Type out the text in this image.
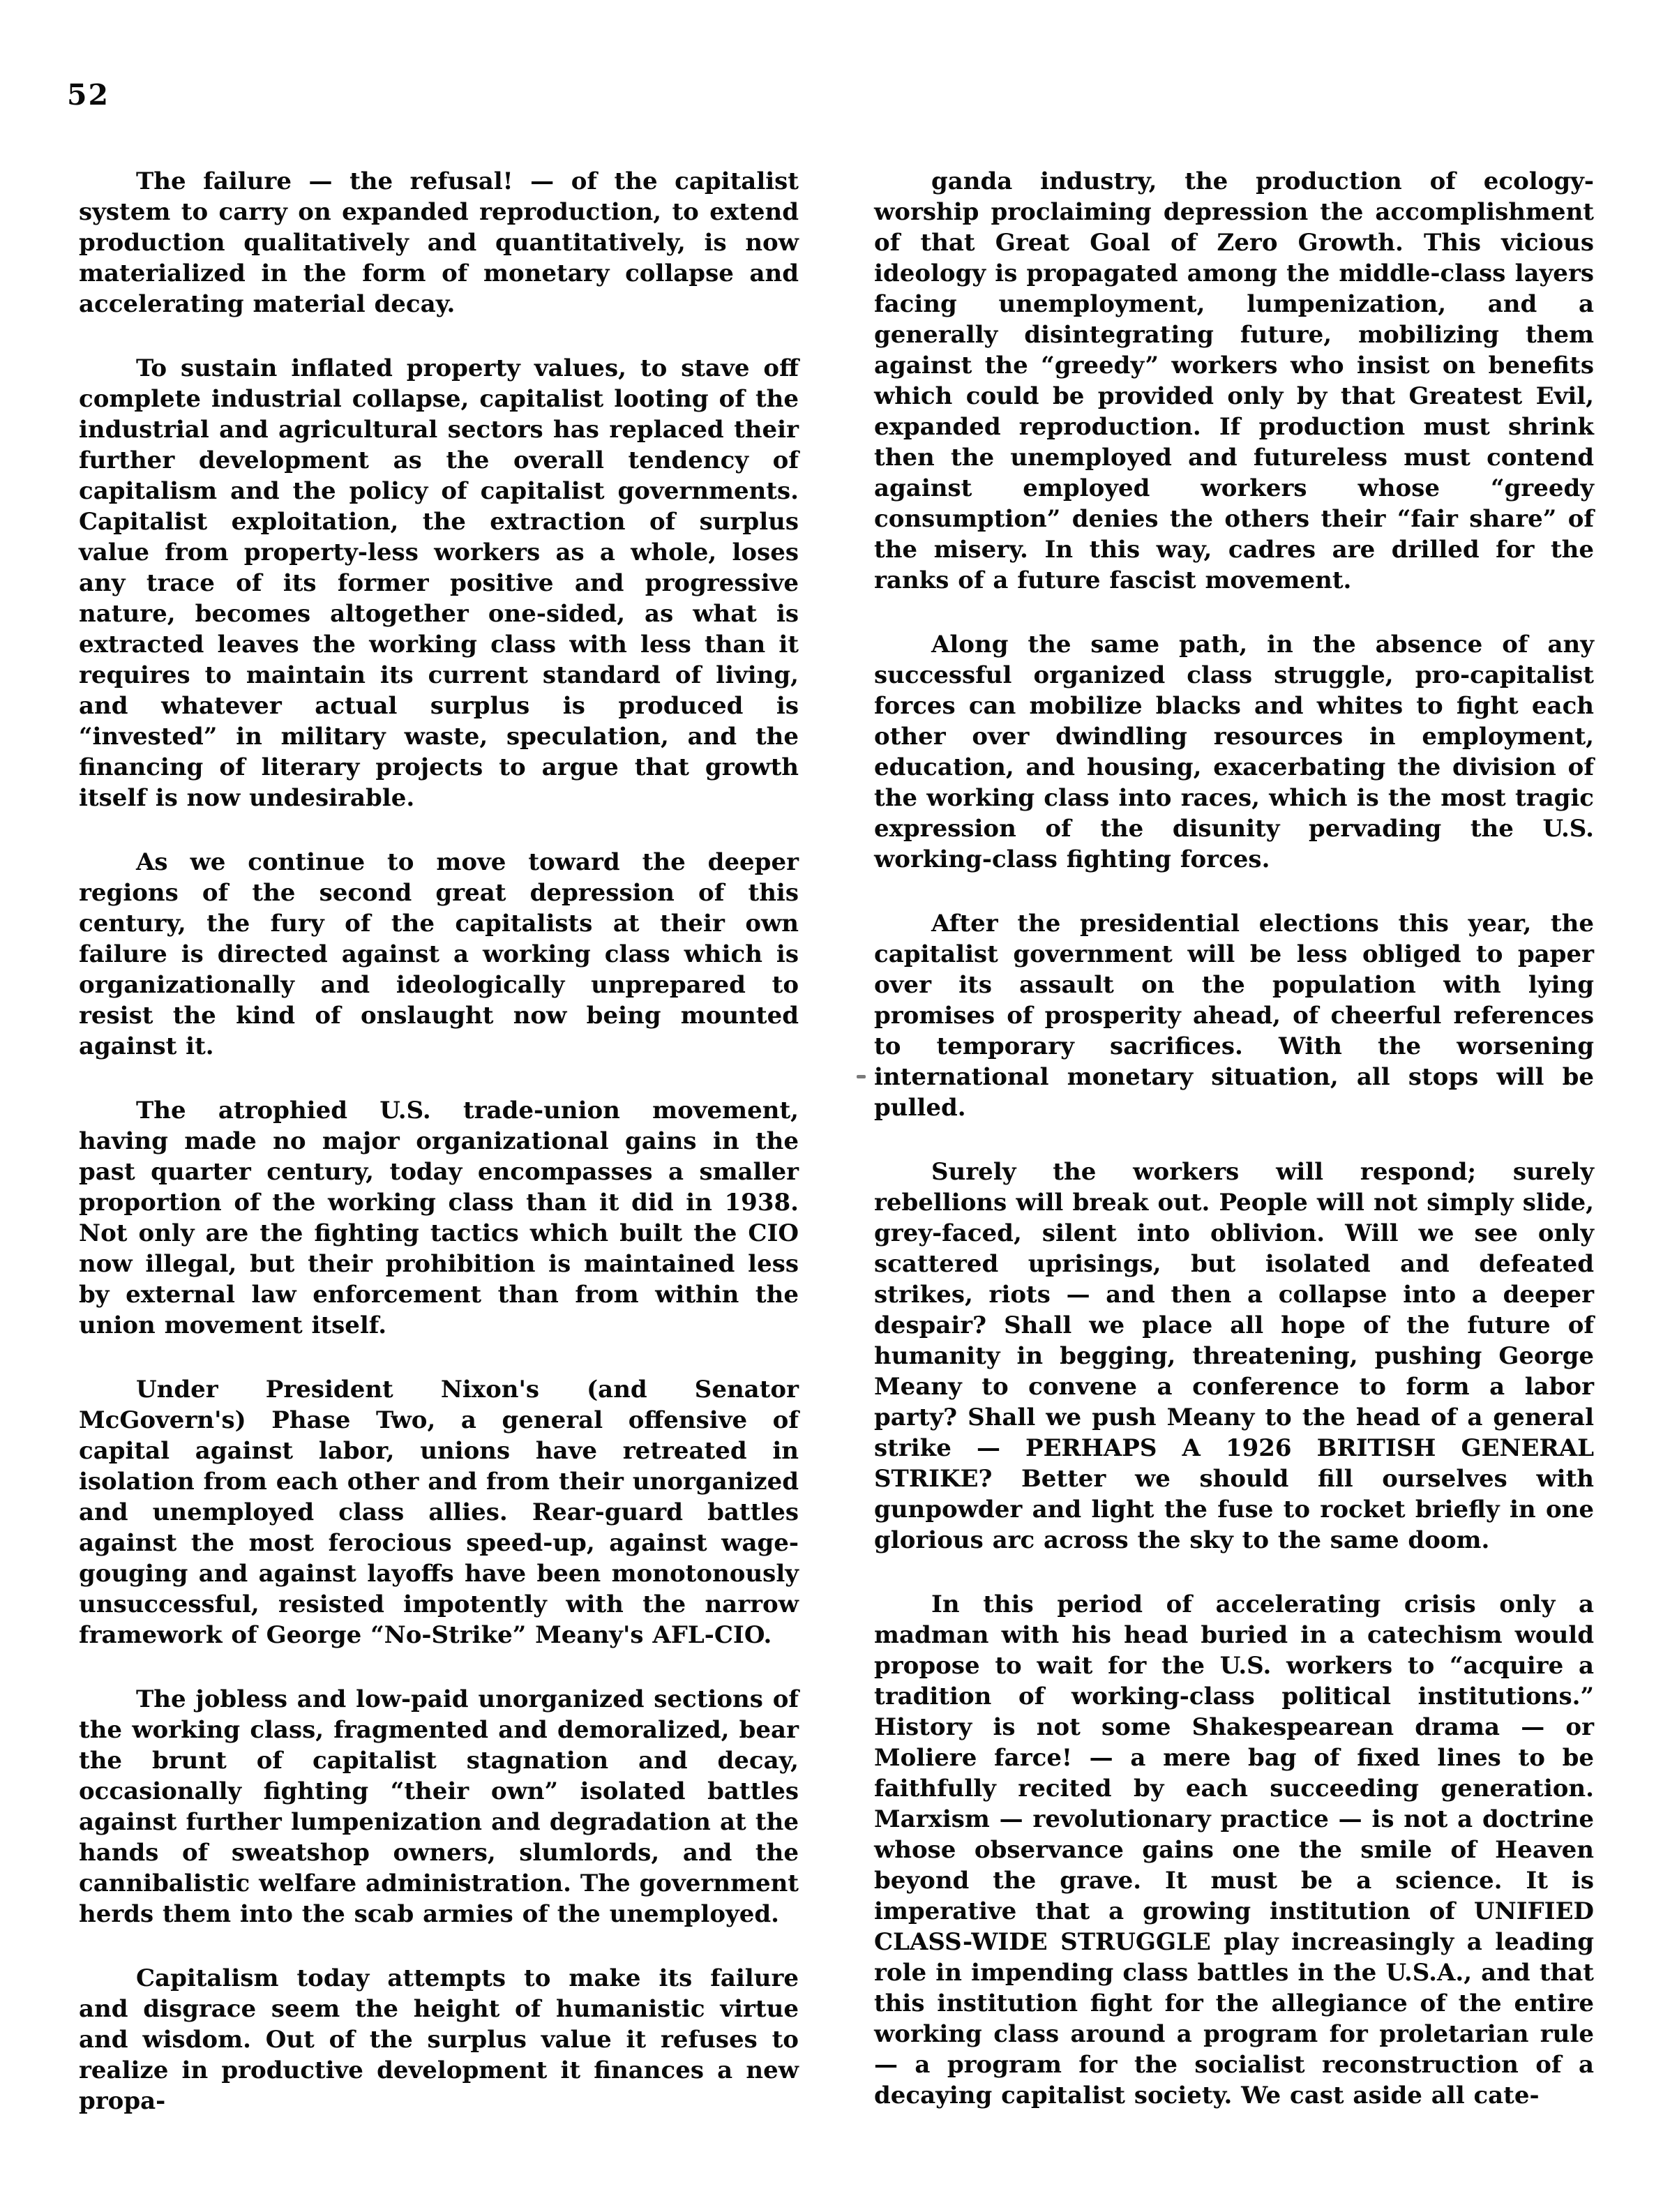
52

The failure — the refusal! — of the capitalist system to carry on expanded reproduction, to extend production qualitatively and quantitatively, is now materialized in the form of monetary collapse and accelerating material decay.

To sustain inflated property values, to stave off complete industrial collapse, capitalist looting of the industrial and agricultural sectors has replaced their further development as the overall tendency of capitalism and the policy of capitalist governments. Capitalist exploitation, the extraction of surplus value from property-less workers as a whole, loses any trace of its former positive and progressive nature, becomes altogether one-sided, as what is extracted leaves the working class with less than it requires to maintain its current standard of living, and whatever actual surplus is produced is “invested” in military waste, speculation, and the financing of literary projects to argue that growth itself is now undesirable.

As we continue to move toward the deeper regions of the second great depression of this century, the fury of the capitalists at their own failure is directed against a working class which is organizationally and ideologically unprepared to resist the kind of onslaught now being mounted against it.

The atrophied U.S. trade-union movement, having made no major organizational gains in the past quarter century, today encompasses a smaller proportion of the working class than it did in 1938. Not only are the fighting tactics which built the CIO now illegal, but their prohibition is maintained less by external law enforcement than from within the union movement itself.

Under President Nixon's (and Senator McGovern's) Phase Two, a general offensive of capital against labor, unions have retreated in isolation from each other and from their unorganized and unemployed class allies. Rear-guard battles against the most ferocious speed-up, against wage-gouging and against layoffs have been monotonously unsuccessful, resisted impotently with the narrow framework of George “No-Strike” Meany's AFL-CIO.

The jobless and low-paid unorganized sections of the working class, fragmented and demoralized, bear the brunt of capitalist stagnation and decay, occasionally fighting “their own” isolated battles against further lumpenization and degradation at the hands of sweatshop owners, slumlords, and the cannibalistic welfare administration. The government herds them into the scab armies of the unemployed.

Capitalism today attempts to make its failure and disgrace seem the height of humanistic virtue and wisdom. Out of the surplus value it refuses to realize in productive development it finances a new propa-

ganda industry, the production of ecology-worship proclaiming depression the accomplishment of that Great Goal of Zero Growth. This vicious ideology is propagated among the middle-class layers facing unemployment, lumpenization, and a generally disintegrating future, mobilizing them against the “greedy” workers who insist on benefits which could be provided only by that Greatest Evil, expanded reproduction. If production must shrink then the unemployed and futureless must contend against employed workers whose “greedy consumption” denies the others their “fair share” of the misery. In this way, cadres are drilled for the ranks of a future fascist movement.

Along the same path, in the absence of any successful organized class struggle, pro-capitalist forces can mobilize blacks and whites to fight each other over dwindling resources in employment, education, and housing, exacerbating the division of the working class into races, which is the most tragic expression of the disunity pervading the U.S. working-class fighting forces.

After the presidential elections this year, the capitalist government will be less obliged to paper over its assault on the population with lying promises of prosperity ahead, of cheerful references to temporary sacrifices. With the worsening international monetary situation, all stops will be pulled.

Surely the workers will respond; surely rebellions will break out. People will not simply slide, grey-faced, silent into oblivion. Will we see only scattered uprisings, but isolated and defeated strikes, riots — and then a collapse into a deeper despair? Shall we place all hope of the future of humanity in begging, threatening, pushing George Meany to convene a conference to form a labor party? Shall we push Meany to the head of a general strike — PERHAPS A 1926 BRITISH GENERAL STRIKE? Better we should fill ourselves with gunpowder and light the fuse to rocket briefly in one glorious arc across the sky to the same doom.

In this period of accelerating crisis only a madman with his head buried in a catechism would propose to wait for the U.S. workers to “acquire a tradition of working-class political institutions.” History is not some Shakespearean drama — or Moliere farce! — a mere bag of fixed lines to be faithfully recited by each succeeding generation. Marxism — revolutionary practice — is not a doctrine whose observance gains one the smile of Heaven beyond the grave. It must be a science. It is imperative that a growing institution of UNIFIED CLASS-WIDE STRUGGLE play increasingly a leading role in impending class battles in the U.S.A., and that this institution fight for the allegiance of the entire working class around a program for proletarian rule — a program for the socialist reconstruction of a decaying capitalist society. We cast aside all cate-
